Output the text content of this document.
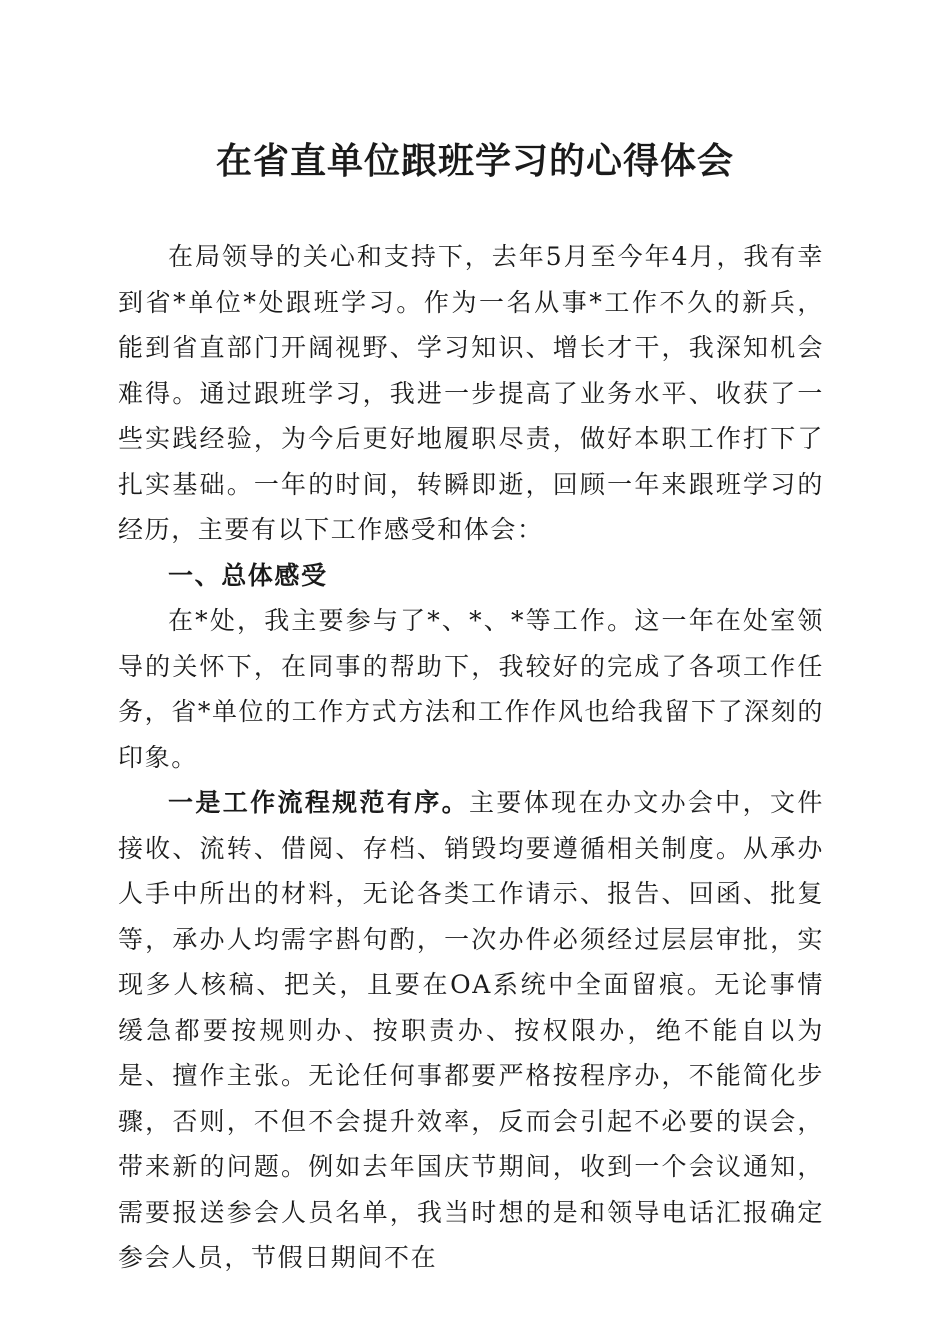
在省直单位跟班学习的心得体会

在局领导的关心和支持下，去年5月至今年4月，我有幸到省*单位*处跟班学习。作为一名从事*工作不久的新兵，能到省直部门开阔视野、学习知识、增长才干，我深知机会难得。通过跟班学习，我进一步提高了业务水平、收获了一些实践经验，为今后更好地履职尽责，做好本职工作打下了扎实基础。一年的时间，转瞬即逝，回顾一年来跟班学习的经历，主要有以下工作感受和体会：

一、总体感受

在*处，我主要参与了*、*、*等工作。这一年在处室领导的关怀下，在同事的帮助下，我较好的完成了各项工作任务，省*单位的工作方式方法和工作作风也给我留下了深刻的印象。

一是工作流程规范有序。主要体现在办文办会中，文件接收、流转、借阅、存档、销毁均要遵循相关制度。从承办人手中所出的材料，无论各类工作请示、报告、回函、批复等，承办人均需字斟句酌，一次办件必须经过层层审批，实现多人核稿、把关，且要在OA系统中全面留痕。无论事情缓急都要按规则办、按职责办、按权限办，绝不能自以为是、擅作主张。无论任何事都要严格按程序办，不能简化步骤，否则，不但不会提升效率，反而会引起不必要的误会，带来新的问题。例如去年国庆节期间，收到一个会议通知，需要报送参会人员名单，我当时想的是和领导电话汇报确定参会人员，节假日期间不在
